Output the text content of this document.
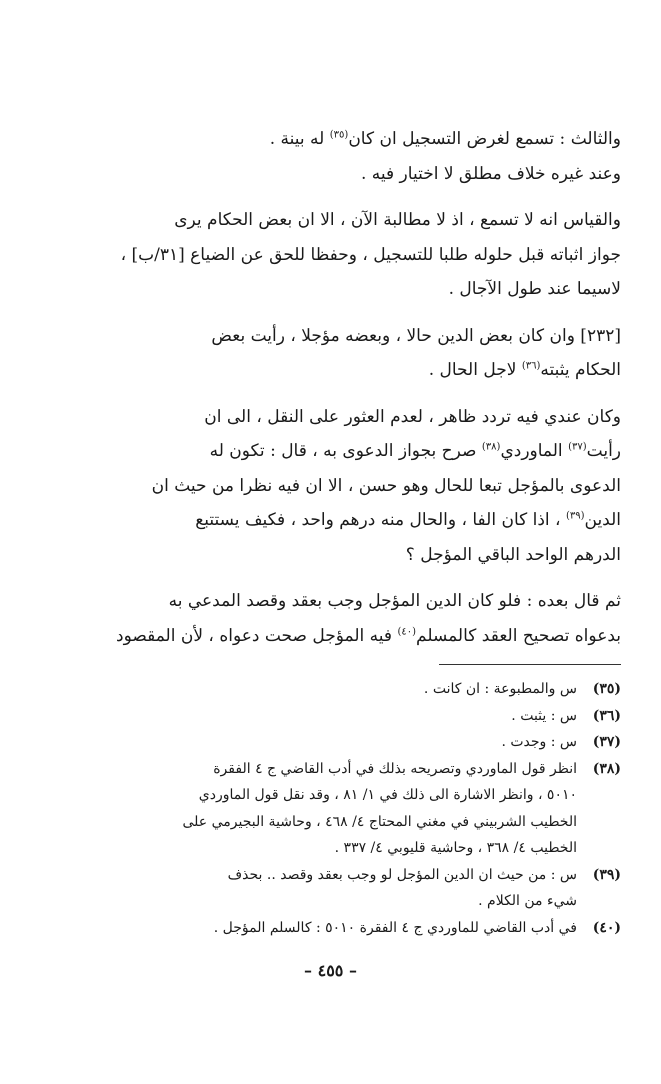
والثالث : تسمع لغرض التسجيل ان كان$^{(٣٥)}$ له بينة .
وعند غيره خلاف مطلق لا اختيار فيه .
والقياس انه لا تسمع ، اذ لا مطالبة الآن ، الا ان بعض الحكام يرى
جواز اثباته قبل حلوله طلبا للتسجيل ، وحفظا للحق عن الضياع [٣١/ب] ،
لاسيما عند طول الآجال .
[٢٣٢] وان كان بعض الدين حالا ، وبعضه مؤجلا ، رأيت بعض
الحكام يثبته$^{(٣٦)}$ لاجل الحال .
وكان عندي فيه تردد ظاهر ، لعدم العثور على النقل ، الى ان
رأيت$^{(٣٧)}$ الماوردي$^{(٣٨)}$ صرح بجواز الدعوى به ، قال : تكون له
الدعوى بالمؤجل تبعا للحال وهو حسن ، الا ان فيه نظرا من حيث ان
الدين$^{(٣٩)}$ ، اذا كان الفا ، والحال منه درهم واحد ، فكيف يستتبع
الدرهم الواحد الباقي المؤجل ؟
ثم قال بعده : فلو كان الدين المؤجل وجب بعقد وقصد المدعي به
بدعواه تصحيح العقد كالمسلم$^{(٤٠)}$ فيه المؤجل صحت دعواه ، لأن المقصود
(٣٥)
س والمطبوعة : ان كانت .
(٣٦)
س : يثبت .
(٣٧)
س : وجدت .
(٣٨)
انظر قول الماوردي وتصريحه بذلك في أدب القاضي ج ٤ الفقرة
٥٠١٠ ، وانظر الاشارة الى ذلك في ١/ ٨١ ، وقد نقل قول الماوردي
الخطيب الشربيني في مغني المحتاج ٤/ ٤٦٨ ، وحاشية البجيرمي على
الخطيب ٤/ ٣٦٨ ، وحاشية قليوبي ٤/ ٣٣٧ .
(٣٩)
س : من حيث ان الدين المؤجل لو وجب بعقد وقصد .. بحذف
شيء من الكلام .
(٤٠)
في أدب القاضي للماوردي ج ٤ الفقرة ٥٠١٠ : كالسلم المؤجل .
– ٤٥٥ –
